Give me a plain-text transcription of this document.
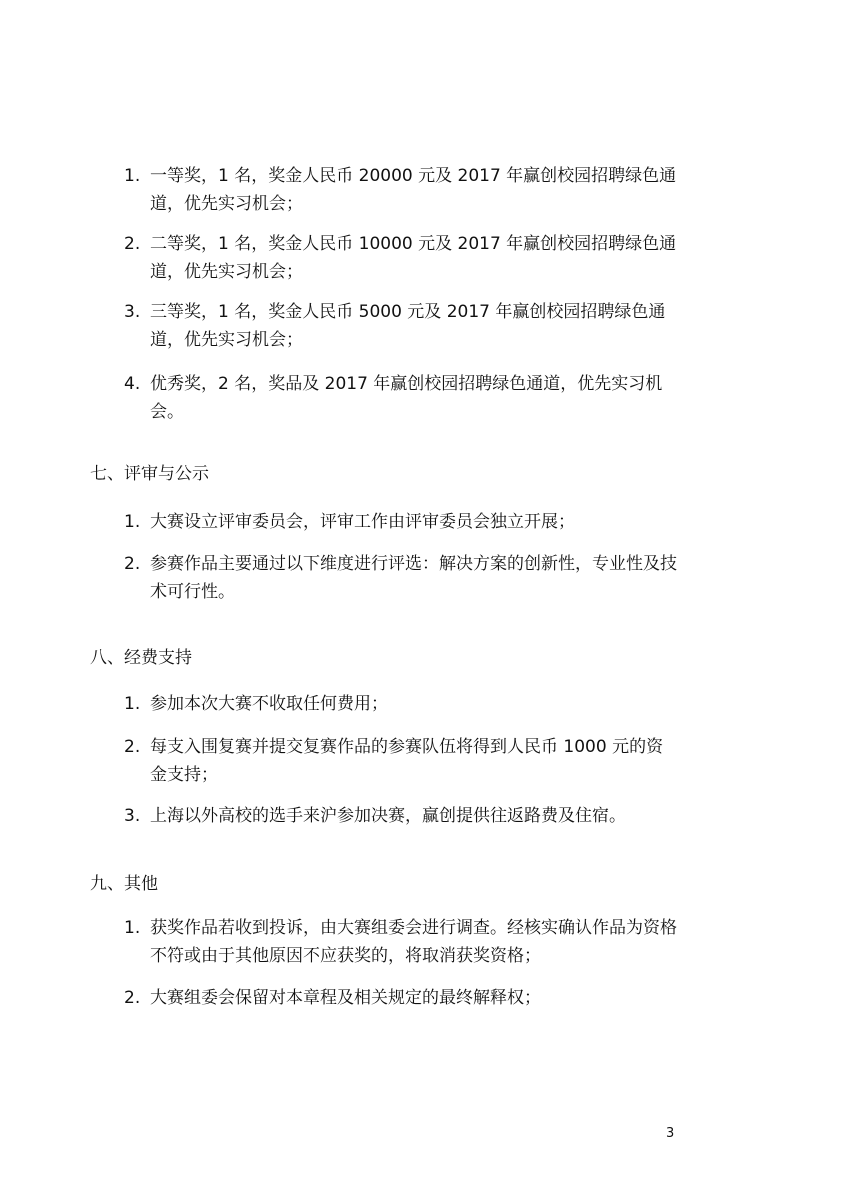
1. 一等奖，1 名，奖金人民币 20000 元及 2017 年赢创校园招聘绿色通道，优先实习机会；
2. 二等奖，1 名，奖金人民币 10000 元及 2017 年赢创校园招聘绿色通道，优先实习机会；
3. 三等奖，1 名，奖金人民币 5000 元及 2017 年赢创校园招聘绿色通道，优先实习机会；
4. 优秀奖，2 名，奖品及 2017 年赢创校园招聘绿色通道，优先实习机会。
七、评审与公示
1. 大赛设立评审委员会，评审工作由评审委员会独立开展；
2. 参赛作品主要通过以下维度进行评选：解决方案的创新性，专业性及技术可行性。
八、经费支持
1. 参加本次大赛不收取任何费用；
2. 每支入围复赛并提交复赛作品的参赛队伍将得到人民币 1000 元的资金支持；
3. 上海以外高校的选手来沪参加决赛，赢创提供往返路费及住宿。
九、其他
1. 获奖作品若收到投诉，由大赛组委会进行调查。经核实确认作品为资格不符或由于其他原因不应获奖的，将取消获奖资格；
2. 大赛组委会保留对本章程及相关规定的最终解释权；
3
